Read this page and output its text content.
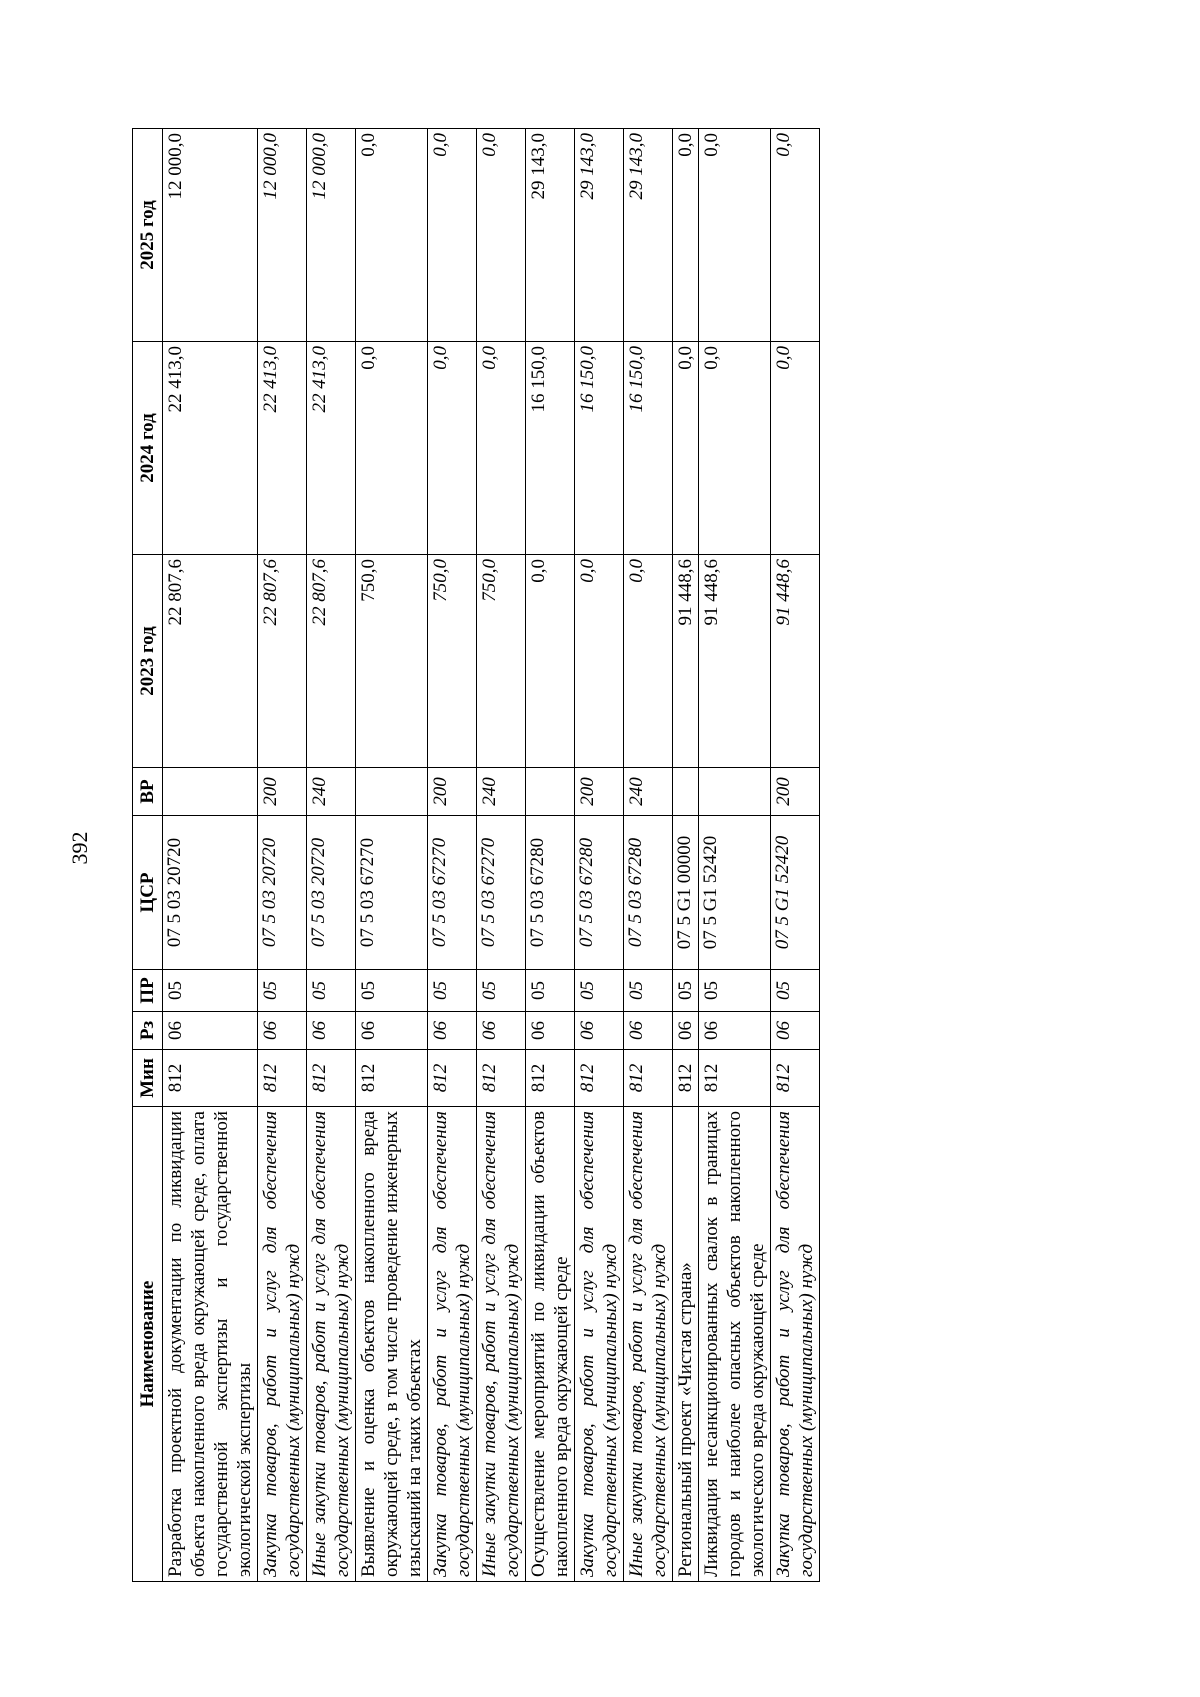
392
Наименование	Мин	Рз	ПР	ЦСР	ВР	2023 год	2024 год	2025 год
Разработка проектной документации по ликвидации объекта накопленного вреда окружающей среде, оплата государственной экспертизы и государственной экологической экспертизы	812	06	05	07 5 03 20720		22 807,6	22 413,0	12 000,0
Закупка товаров, работ и услуг для обеспечения государственных (муниципальных) нужд	812	06	05	07 5 03 20720	200	22 807,6	22 413,0	12 000,0
Иные закупки товаров, работ и услуг для обеспечения государственных (муниципальных) нужд	812	06	05	07 5 03 20720	240	22 807,6	22 413,0	12 000,0
Выявление и оценка объектов накопленного вреда окружающей среде, в том числе проведение инженерных изысканий на таких объектах	812	06	05	07 5 03 67270		750,0	0,0	0,0
Закупка товаров, работ и услуг для обеспечения государственных (муниципальных) нужд	812	06	05	07 5 03 67270	200	750,0	0,0	0,0
Иные закупки товаров, работ и услуг для обеспечения государственных (муниципальных) нужд	812	06	05	07 5 03 67270	240	750,0	0,0	0,0
Осуществление мероприятий по ликвидации объектов накопленного вреда окружающей среде	812	06	05	07 5 03 67280		0,0	16 150,0	29 143,0
Закупка товаров, работ и услуг для обеспечения государственных (муниципальных) нужд	812	06	05	07 5 03 67280	200	0,0	16 150,0	29 143,0
Иные закупки товаров, работ и услуг для обеспечения государственных (муниципальных) нужд	812	06	05	07 5 03 67280	240	0,0	16 150,0	29 143,0
Региональный проект «Чистая страна»	812	06	05	07 5 G1 00000		91 448,6	0,0	0,0
Ликвидация несанкционированных свалок в границах городов и наиболее опасных объектов накопленного экологического вреда окружающей среде	812	06	05	07 5 G1 52420		91 448,6	0,0	0,0
Закупка товаров, работ и услуг для обеспечения государственных (муниципальных) нужд	812	06	05	07 5 G1 52420	200	91 448,6	0,0	0,0
